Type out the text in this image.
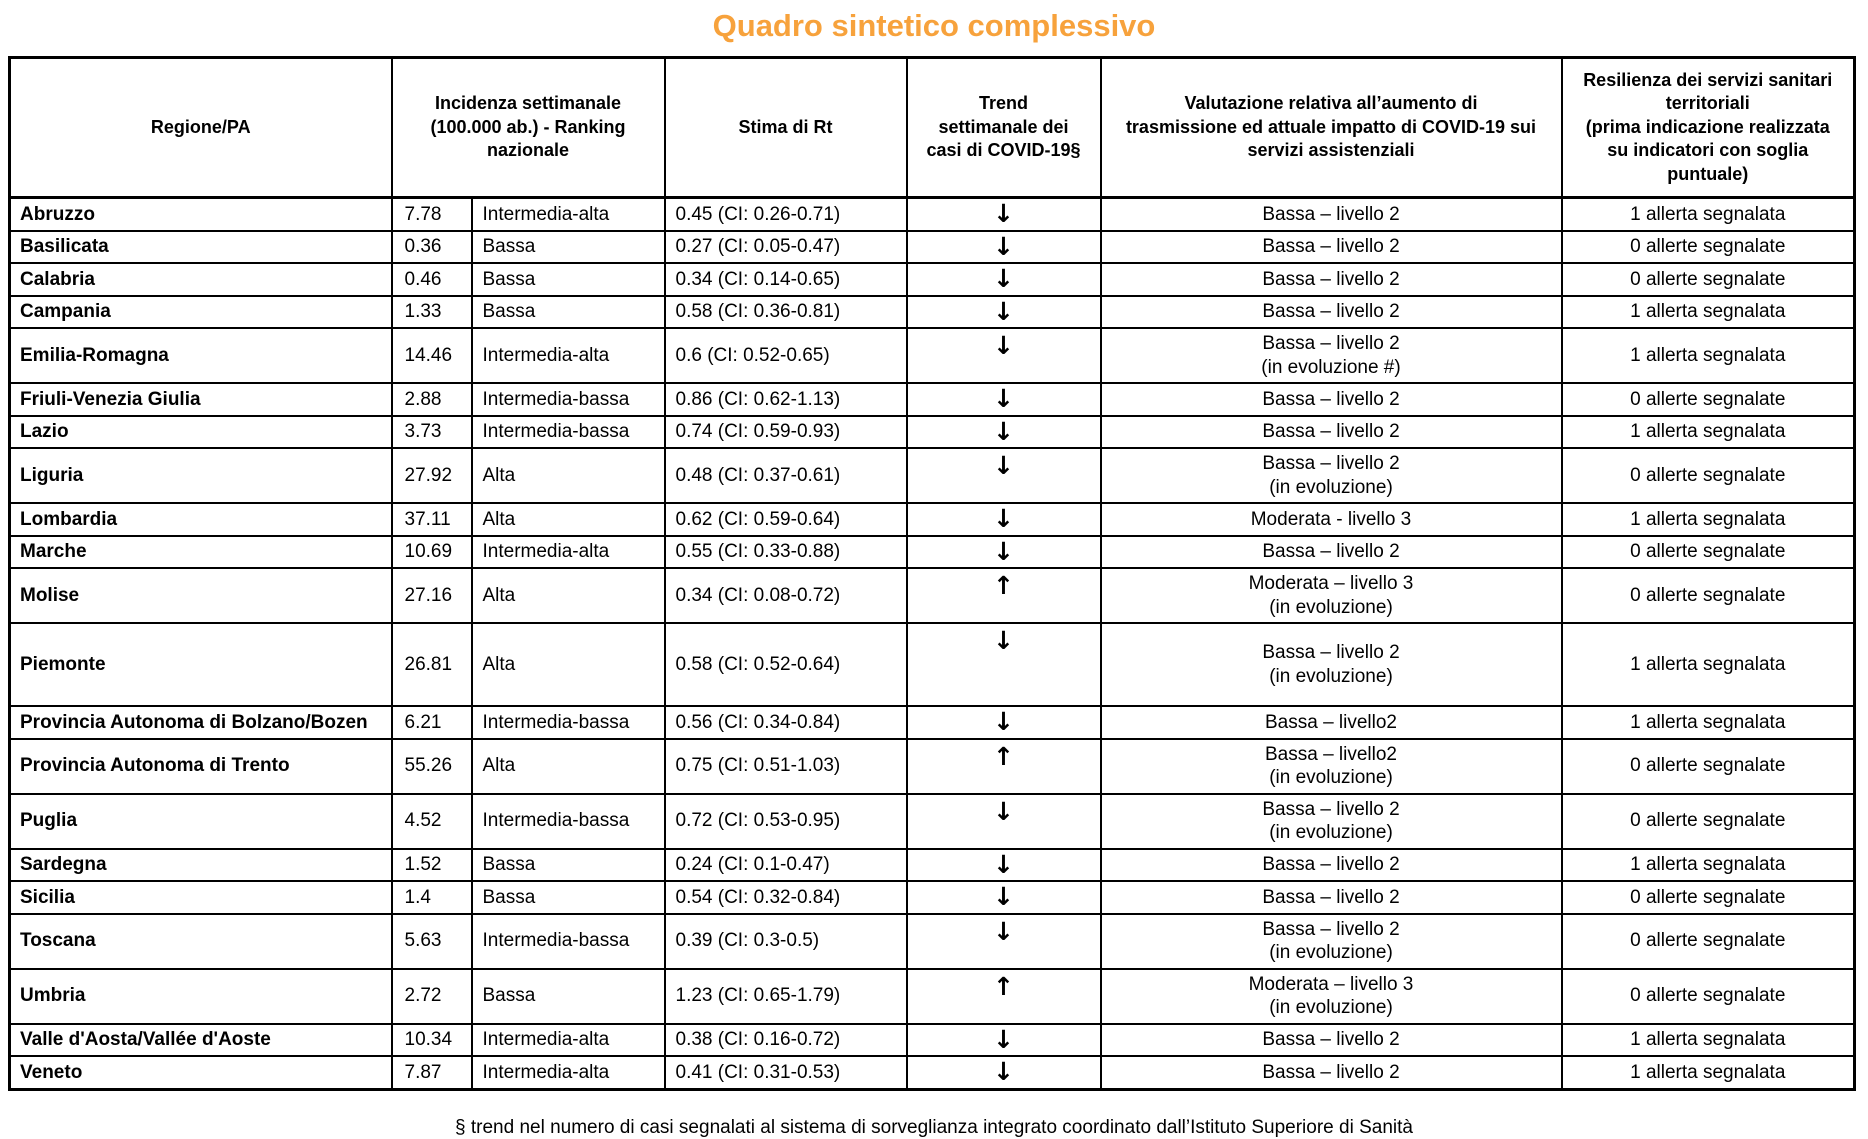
Quadro sintetico complessivo
Regione/PA	Incidenza settimanale
(100.000 ab.) - Ranking
nazionale		Stima di Rt	Trend
settimanale dei
casi di COVID-19§	Valutazione relativa all’aumento di
trasmissione ed attuale impatto di COVID-19 sui
servizi assistenziali	Resilienza dei servizi sanitari
territoriali
(prima indicazione realizzata
su indicatori con soglia
puntuale)

Abruzzo	7.78	Intermedia-alta	0.45 (CI: 0.26-0.71)	↓	Bassa – livello 2	1 allerta segnalata
Basilicata	0.36	Bassa	0.27 (CI: 0.05-0.47)	↓	Bassa – livello 2	0 allerte segnalate
Calabria	0.46	Bassa	0.34 (CI: 0.14-0.65)	↓	Bassa – livello 2	0 allerte segnalate
Campania	1.33	Bassa	0.58 (CI: 0.36-0.81)	↓	Bassa – livello 2	1 allerta segnalata
Emilia-Romagna	14.46	Intermedia-alta	0.6 (CI: 0.52-0.65)	↓	Bassa – livello 2
(in evoluzione #)	1 allerta segnalata
Friuli-Venezia Giulia	2.88	Intermedia-bassa	0.86 (CI: 0.62-1.13)	↓	Bassa – livello 2	0 allerte segnalate
Lazio	3.73	Intermedia-bassa	0.74 (CI: 0.59-0.93)	↓	Bassa – livello 2	1 allerta segnalata
Liguria	27.92	Alta	0.48 (CI: 0.37-0.61)	↓	Bassa – livello 2
(in evoluzione)	0 allerte segnalate
Lombardia	37.11	Alta	0.62 (CI: 0.59-0.64)	↓	Moderata - livello 3	1 allerta segnalata
Marche	10.69	Intermedia-alta	0.55 (CI: 0.33-0.88)	↓	Bassa – livello 2	0 allerte segnalate
Molise	27.16	Alta	0.34 (CI: 0.08-0.72)	↑	Moderata – livello 3
(in evoluzione)	0 allerte segnalate
Piemonte	26.81	Alta	0.58 (CI: 0.52-0.64)	↓	Bassa – livello 2
(in evoluzione)	1 allerta segnalata
Provincia Autonoma di Bolzano/Bozen	6.21	Intermedia-bassa	0.56 (CI: 0.34-0.84)	↓	Bassa – livello2	1 allerta segnalata
Provincia Autonoma di Trento	55.26	Alta	0.75 (CI: 0.51-1.03)	↑	Bassa – livello2
(in evoluzione)	0 allerte segnalate
Puglia	4.52	Intermedia-bassa	0.72 (CI: 0.53-0.95)	↓	Bassa – livello 2
(in evoluzione)	0 allerte segnalate
Sardegna	1.52	Bassa	0.24 (CI: 0.1-0.47)	↓	Bassa – livello 2	1 allerta segnalata
Sicilia	1.4	Bassa	0.54 (CI: 0.32-0.84)	↓	Bassa – livello 2	0 allerte segnalate
Toscana	5.63	Intermedia-bassa	0.39 (CI: 0.3-0.5)	↓	Bassa – livello 2
(in evoluzione)	0 allerte segnalate
Umbria	2.72	Bassa	1.23 (CI: 0.65-1.79)	↑	Moderata – livello 3
(in evoluzione)	0 allerte segnalate
Valle d'Aosta/Vallée d'Aoste	10.34	Intermedia-alta	0.38 (CI: 0.16-0.72)	↓	Bassa – livello 2	1 allerta segnalata
Veneto	7.87	Intermedia-alta	0.41 (CI: 0.31-0.53)	↓	Bassa – livello 2	1 allerta segnalata
§ trend nel numero di casi segnalati al sistema di sorveglianza integrato coordinato dall’Istituto Superiore di Sanità
